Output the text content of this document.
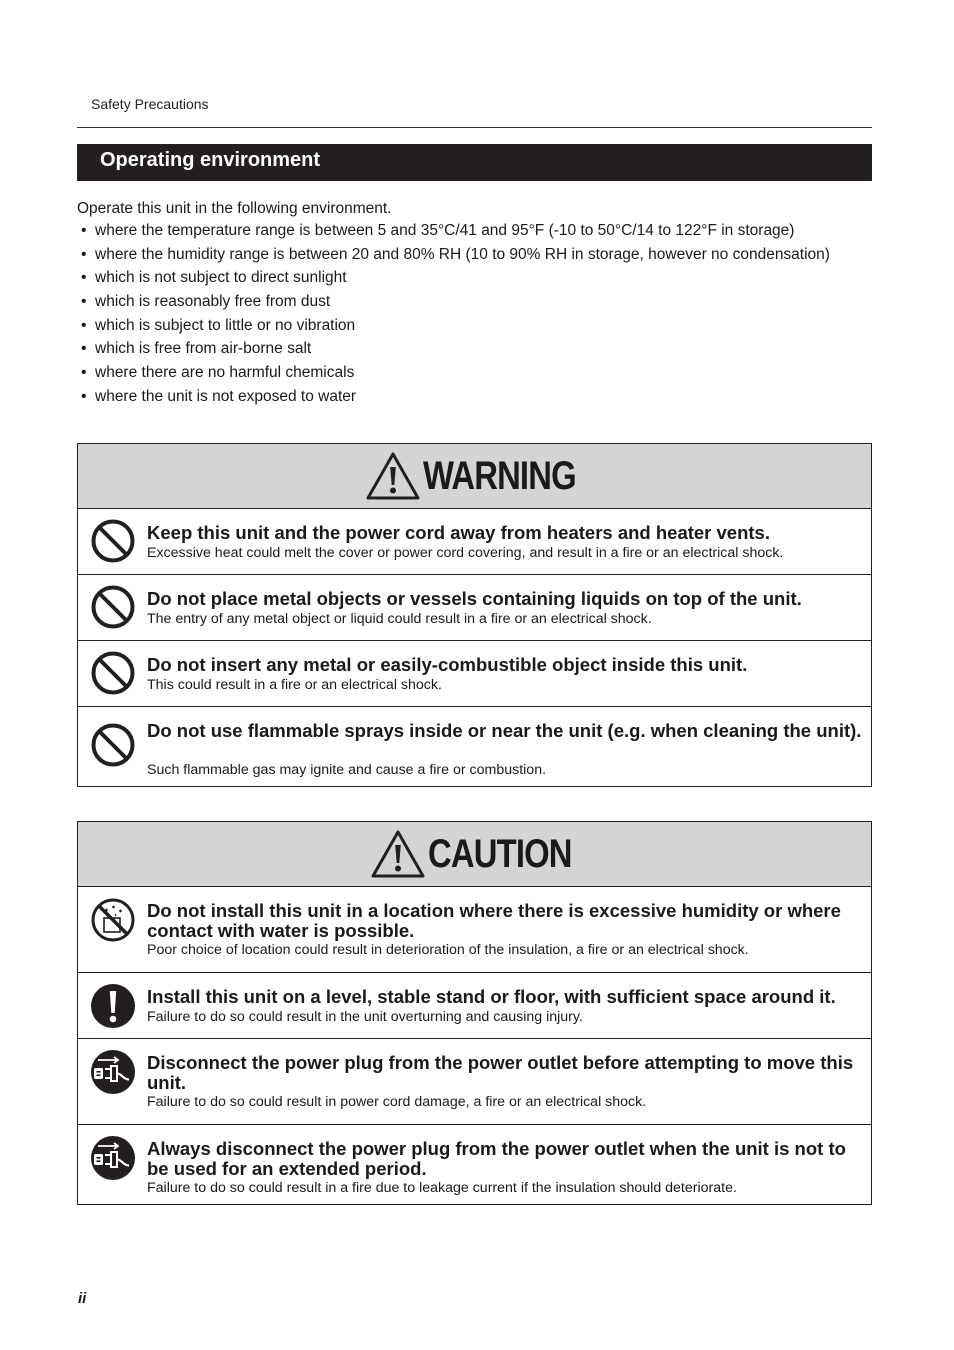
Safety Precautions
Operating environment
Operate this unit in the following environment.
• where the temperature range is between 5 and 35°C/41 and 95°F (-10 to 50°C/14 to 122°F in storage)
• where the humidity range is between 20 and 80% RH (10 to 90% RH in storage, however no condensation)
• which is not subject to direct sunlight
• which is reasonably free from dust
• which is subject to little or no vibration
• which is free from air-borne salt
• where there are no harmful chemicals
• where the unit is not exposed to water
WARNING
Keep this unit and the power cord away from heaters and heater vents.
Excessive heat could melt the cover or power cord covering, and result in a fire or an electrical shock.
Do not place metal objects or vessels containing liquids on top of the unit.
The entry of any metal object or liquid could result in a fire or an electrical shock.
Do not insert any metal or easily-combustible object inside this unit.
This could result in a fire or an electrical shock.
Do not use flammable sprays inside or near the unit (e.g. when cleaning the unit).
Such flammable gas may ignite and cause a fire or combustion.
CAUTION
Do not install this unit in a location where there is excessive humidity or where contact with water is possible.
Poor choice of location could result in deterioration of the insulation, a fire or an electrical shock.
Install this unit on a level, stable stand or floor, with sufficient space around it.
Failure to do so could result in the unit overturning and causing injury.
Disconnect the power plug from the power outlet before attempting to move this unit.
Failure to do so could result in power cord damage, a fire or an electrical shock.
Always disconnect the power plug from the power outlet when the unit is not to be used for an extended period.
Failure to do so could result in a fire due to leakage current if the insulation should deteriorate.
ii
